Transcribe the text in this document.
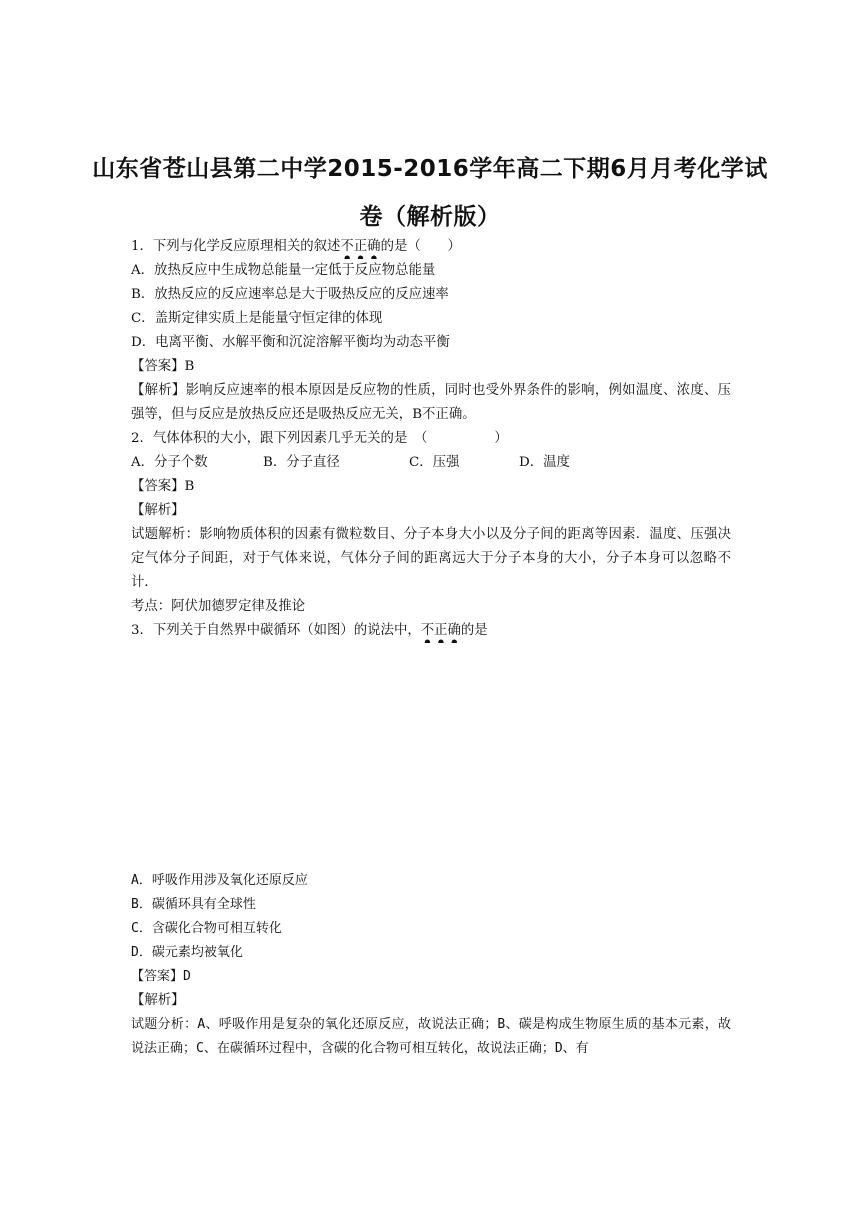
山东省苍山县第二中学2015-2016学年高二下期6月月考化学试
卷（解析版）
1．下列与化学反应原理相关的叙述不正确的是（　　）
A．放热反应中生成物总能量一定低于反应物总能量
B．放热反应的反应速率总是大于吸热反应的反应速率
C．盖斯定律实质上是能量守恒定律的体现
D．电离平衡、水解平衡和沉淀溶解平衡均为动态平衡
【答案】B
【解析】影响反应速率的根本原因是反应物的性质，同时也受外界条件的影响，例如温度、浓度、压强等，但与反应是放热反应还是吸热反应无关，B不正确。
2．气体体积的大小，跟下列因素几乎无关的是　（　　　　　）
A．分子个数	B．分子直径	C．压强	D．温度
【答案】B
【解析】
试题解析：影响物质体积的因素有微粒数目、分子本身大小以及分子间的距离等因素．温度、压强决定气体分子间距，对于气体来说，气体分子间的距离远大于分子本身的大小，分子本身可以忽略不计．
考点：阿伏加德罗定律及推论
3．下列关于自然界中碳循环（如图）的说法中，不正确的是
A．呼吸作用涉及氧化还原反应
B．碳循环具有全球性
C．含碳化合物可相互转化
D．碳元素均被氧化
【答案】D
【解析】
试题分析：A、呼吸作用是复杂的氧化还原反应，故说法正确；B、碳是构成生物原生质的基本元素，故说法正确；C、在碳循环过程中，含碳的化合物可相互转化，故说法正确；D、有
